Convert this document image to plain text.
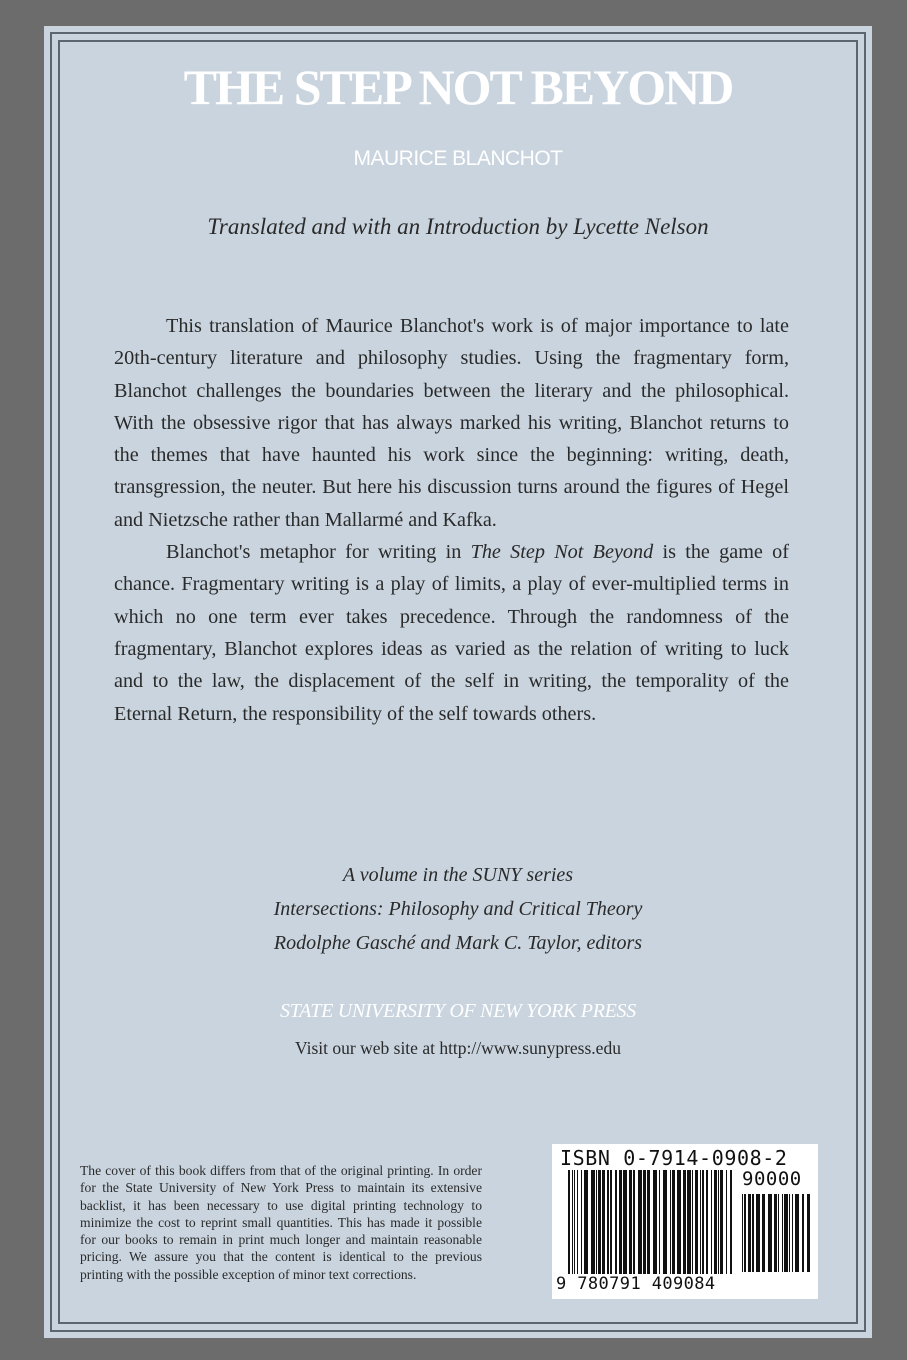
THE STEP NOT BEYOND
MAURICE BLANCHOT
Translated and with an Introduction by Lycette Nelson

This translation of Maurice Blanchot's work is of major importance to late 20th-century literature and philosophy studies. Using the fragmentary form, Blanchot challenges the boundaries between the literary and the philosophical. With the obsessive rigor that has always marked his writing, Blanchot returns to the themes that have haunted his work since the beginning: writing, death, transgression, the neuter. But here his discussion turns around the figures of Hegel and Nietzsche rather than Mallarmé and Kafka.

Blanchot's metaphor for writing in The Step Not Beyond is the game of chance. Fragmentary writing is a play of limits, a play of ever-multiplied terms in which no one term ever takes precedence. Through the randomness of the fragmentary, Blanchot explores ideas as varied as the relation of writing to luck and to the law, the displacement of the self in writing, the temporality of the Eternal Return, the responsibility of the self towards others.

A volume in the SUNY series
Intersections: Philosophy and Critical Theory
Rodolphe Gasché and Mark C. Taylor, editors
STATE UNIVERSITY OF NEW YORK PRESS
Visit our web site at http://www.sunypress.edu
The cover of this book differs from that of the original printing. In order for the State University of New York Press to maintain its extensive backlist, it has been necessary to use digital printing technology to minimize the cost to reprint small quantities. This has made it possible for our books to remain in print much longer and maintain reasonable pricing. We assure you that the content is identical to the previous printing with the possible exception of minor text corrections.
ISBN 0-7914-0908-2
90000
9 780791 409084
